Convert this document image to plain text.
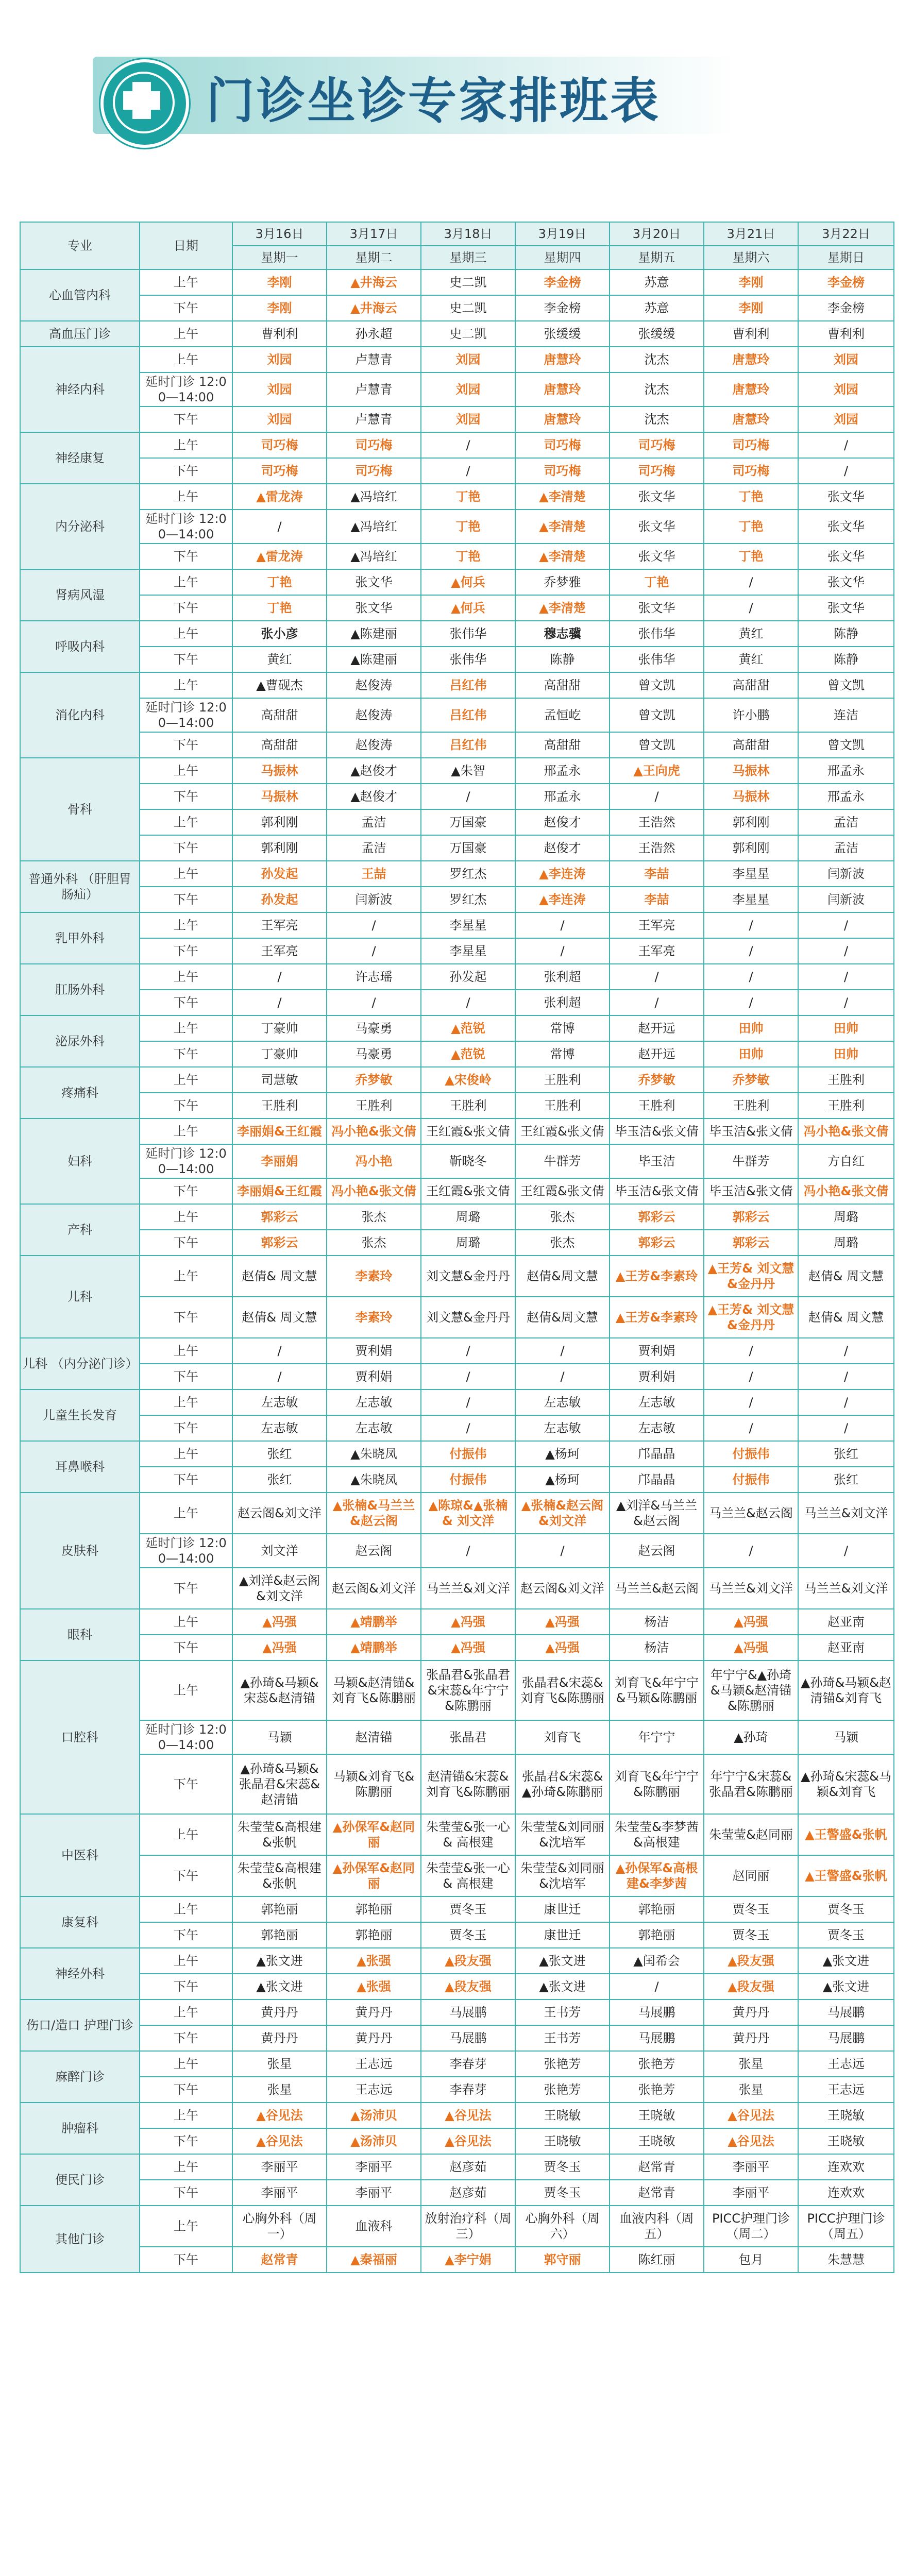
门诊坐诊专家排班表
专业	日期	3月16日	3月17日	3月18日	3月19日	3月20日	3月21日	3月22日
		星期一	星期二	星期三	星期四	星期五	星期六	星期日
心血管内科	上午	李刚	▲井海云	史二凯	李金榜	苏意	李刚	李金榜
	下午	李刚	▲井海云	史二凯	李金榜	苏意	李刚	李金榜
高血压门诊	上午	曹利利	孙永超	史二凯	张缓缓	张缓缓	曹利利	曹利利
神经内科	上午	刘园	卢慧青	刘园	唐慧玲	沈杰	唐慧玲	刘园
	延时门诊 12:00—14:00	刘园	卢慧青	刘园	唐慧玲	沈杰	唐慧玲	刘园
	下午	刘园	卢慧青	刘园	唐慧玲	沈杰	唐慧玲	刘园
神经康复	上午	司巧梅	司巧梅	/	司巧梅	司巧梅	司巧梅	/
	下午	司巧梅	司巧梅	/	司巧梅	司巧梅	司巧梅	/
内分泌科	上午	▲雷龙涛	▲冯培红	丁艳	▲李清楚	张文华	丁艳	张文华
	延时门诊 12:00—14:00	/	▲冯培红	丁艳	▲李清楚	张文华	丁艳	张文华
	下午	▲雷龙涛	▲冯培红	丁艳	▲李清楚	张文华	丁艳	张文华
肾病风湿	上午	丁艳	张文华	▲何兵	乔梦雅	丁艳	/	张文华
	下午	丁艳	张文华	▲何兵	▲李清楚	张文华	/	张文华
呼吸内科	上午	张小彦	▲陈建丽	张伟华	穆志骥	张伟华	黄红	陈静
	下午	黄红	▲陈建丽	张伟华	陈静	张伟华	黄红	陈静
消化内科	上午	▲曹砚杰	赵俊涛	吕红伟	高甜甜	曾文凯	高甜甜	曾文凯
	延时门诊 12:00—14:00	高甜甜	赵俊涛	吕红伟	孟恒屹	曾文凯	许小鹏	连洁
	下午	高甜甜	赵俊涛	吕红伟	高甜甜	曾文凯	高甜甜	曾文凯
骨科	上午	马振林	▲赵俊才	▲朱智	邢孟永	▲王向虎	马振林	邢孟永
	下午	马振林	▲赵俊才	/	邢孟永	/	马振林	邢孟永
	上午	郭利刚	孟洁	万国豪	赵俊才	王浩然	郭利刚	孟洁
	下午	郭利刚	孟洁	万国豪	赵俊才	王浩然	郭利刚	孟洁
普通外科 （肝胆胃肠疝）	上午	孙发起	王喆	罗红杰	▲李连涛	李喆	李星星	闫新波
	下午	孙发起	闫新波	罗红杰	▲李连涛	李喆	李星星	闫新波
乳甲外科	上午	王军亮	/	李星星	/	王军亮	/	/
	下午	王军亮	/	李星星	/	王军亮	/	/
肛肠外科	上午	/	许志瑶	孙发起	张利超	/	/	/
	下午	/	/	/	张利超	/	/	/
泌尿外科	上午	丁豪帅	马豪勇	▲范锐	常博	赵开远	田帅	田帅
	下午	丁豪帅	马豪勇	▲范锐	常博	赵开远	田帅	田帅
疼痛科	上午	司慧敏	乔梦敏	▲宋俊岭	王胜利	乔梦敏	乔梦敏	王胜利
	下午	王胜利	王胜利	王胜利	王胜利	王胜利	王胜利	王胜利
妇科	上午	李丽娟&王红霞	冯小艳&张文倩	王红霞&张文倩	王红霞&张文倩	毕玉洁&张文倩	毕玉洁&张文倩	冯小艳&张文倩
	延时门诊 12:00—14:00	李丽娟	冯小艳	靳晓冬	牛群芳	毕玉洁	牛群芳	方自红
	下午	李丽娟&王红霞	冯小艳&张文倩	王红霞&张文倩	王红霞&张文倩	毕玉洁&张文倩	毕玉洁&张文倩	冯小艳&张文倩
产科	上午	郭彩云	张杰	周璐	张杰	郭彩云	郭彩云	周璐
	下午	郭彩云	张杰	周璐	张杰	郭彩云	郭彩云	周璐
儿科	上午	赵倩& 周文慧	李素玲	刘文慧&金丹丹	赵倩&周文慧	▲王芳&李素玲	▲王芳& 刘文慧&金丹丹	赵倩& 周文慧
	下午	赵倩& 周文慧	李素玲	刘文慧&金丹丹	赵倩&周文慧	▲王芳&李素玲	▲王芳& 刘文慧&金丹丹	赵倩& 周文慧
儿科 （内分泌门诊）	上午	/	贾利娟	/	/	贾利娟	/	/
	下午	/	贾利娟	/	/	贾利娟	/	/
儿童生长发育	上午	左志敏	左志敏	/	左志敏	左志敏	/	/
	下午	左志敏	左志敏	/	左志敏	左志敏	/	/
耳鼻喉科	上午	张红	▲朱晓凤	付振伟	▲杨珂	邝晶晶	付振伟	张红
	下午	张红	▲朱晓凤	付振伟	▲杨珂	邝晶晶	付振伟	张红
皮肤科	上午	赵云阁&刘文洋	▲张楠&马兰兰&赵云阁	▲陈琼&▲张楠& 刘文洋	▲张楠&赵云阁&刘文洋	▲刘洋&马兰兰&赵云阁	马兰兰&赵云阁	马兰兰&刘文洋
	延时门诊 12:00—14:00	刘文洋	赵云阁	/	/	赵云阁	/	/
	下午	▲刘洋&赵云阁&刘文洋	赵云阁&刘文洋	马兰兰&刘文洋	赵云阁&刘文洋	马兰兰&赵云阁	马兰兰&刘文洋	马兰兰&刘文洋
眼科	上午	▲冯强	▲靖鹏举	▲冯强	▲冯强	杨洁	▲冯强	赵亚南
	下午	▲冯强	▲靖鹏举	▲冯强	▲冯强	杨洁	▲冯强	赵亚南
口腔科	上午	▲孙琦&马颖&宋蕊&赵清锚	马颖&赵清锚&刘育飞&陈鹏丽	张晶君&张晶君&宋蕊&年宁宁&陈鹏丽	张晶君&宋蕊&刘育飞&陈鹏丽	刘育飞&年宁宁&马颖&陈鹏丽	年宁宁&▲孙琦&马颖&赵清锚&陈鹏丽	▲孙琦&马颖&赵清锚&刘育飞
	延时门诊 12:00—14:00	马颖	赵清锚	张晶君	刘育飞	年宁宁	▲孙琦	马颖
	下午	▲孙琦&马颖&张晶君&宋蕊&赵清锚	马颖&刘育飞&陈鹏丽	赵清锚&宋蕊&刘育飞&陈鹏丽	张晶君&宋蕊&▲孙琦&陈鹏丽	刘育飞&年宁宁&陈鹏丽	年宁宁&宋蕊&张晶君&陈鹏丽	▲孙琦&宋蕊&马颖&刘育飞
中医科	上午	朱莹莹&高根建&张帆	▲孙保军&赵同丽	朱莹莹&张一心& 高根建	朱莹莹&刘同丽&沈培军	朱莹莹&李梦茜&高根建	朱莹莹&赵同丽	▲王警盛&张帆
	下午	朱莹莹&高根建&张帆	▲孙保军&赵同丽	朱莹莹&张一心& 高根建	朱莹莹&刘同丽&沈培军	▲孙保军&高根建&李梦茜	赵同丽	▲王警盛&张帆
康复科	上午	郭艳丽	郭艳丽	贾冬玉	康世迁	郭艳丽	贾冬玉	贾冬玉
	下午	郭艳丽	郭艳丽	贾冬玉	康世迁	郭艳丽	贾冬玉	贾冬玉
神经外科	上午	▲张文进	▲张强	▲段友强	▲张文进	▲闰希会	▲段友强	▲张文进
	下午	▲张文进	▲张强	▲段友强	▲张文进	/	▲段友强	▲张文进
伤口/造口 护理门诊	上午	黄丹丹	黄丹丹	马展鹏	王书芳	马展鹏	黄丹丹	马展鹏
	下午	黄丹丹	黄丹丹	马展鹏	王书芳	马展鹏	黄丹丹	马展鹏
麻醉门诊	上午	张星	王志远	李春芽	张艳芳	张艳芳	张星	王志远
	下午	张星	王志远	李春芽	张艳芳	张艳芳	张星	王志远
肿瘤科	上午	▲谷见法	▲汤沛贝	▲谷见法	王晓敏	王晓敏	▲谷见法	王晓敏
	下午	▲谷见法	▲汤沛贝	▲谷见法	王晓敏	王晓敏	▲谷见法	王晓敏
便民门诊	上午	李丽平	李丽平	赵彦茹	贾冬玉	赵常青	李丽平	连欢欢
	下午	李丽平	李丽平	赵彦茹	贾冬玉	赵常青	李丽平	连欢欢
其他门诊	上午	心胸外科（周一）	血液科	放射治疗科（周三）	心胸外科（周六）	血液内科（周五）	PICC护理门诊（周二）	PICC护理门诊（周五）
	下午	赵常青	▲秦福丽	▲李宁娟	郭守丽	陈红丽	包月	朱慧慧
